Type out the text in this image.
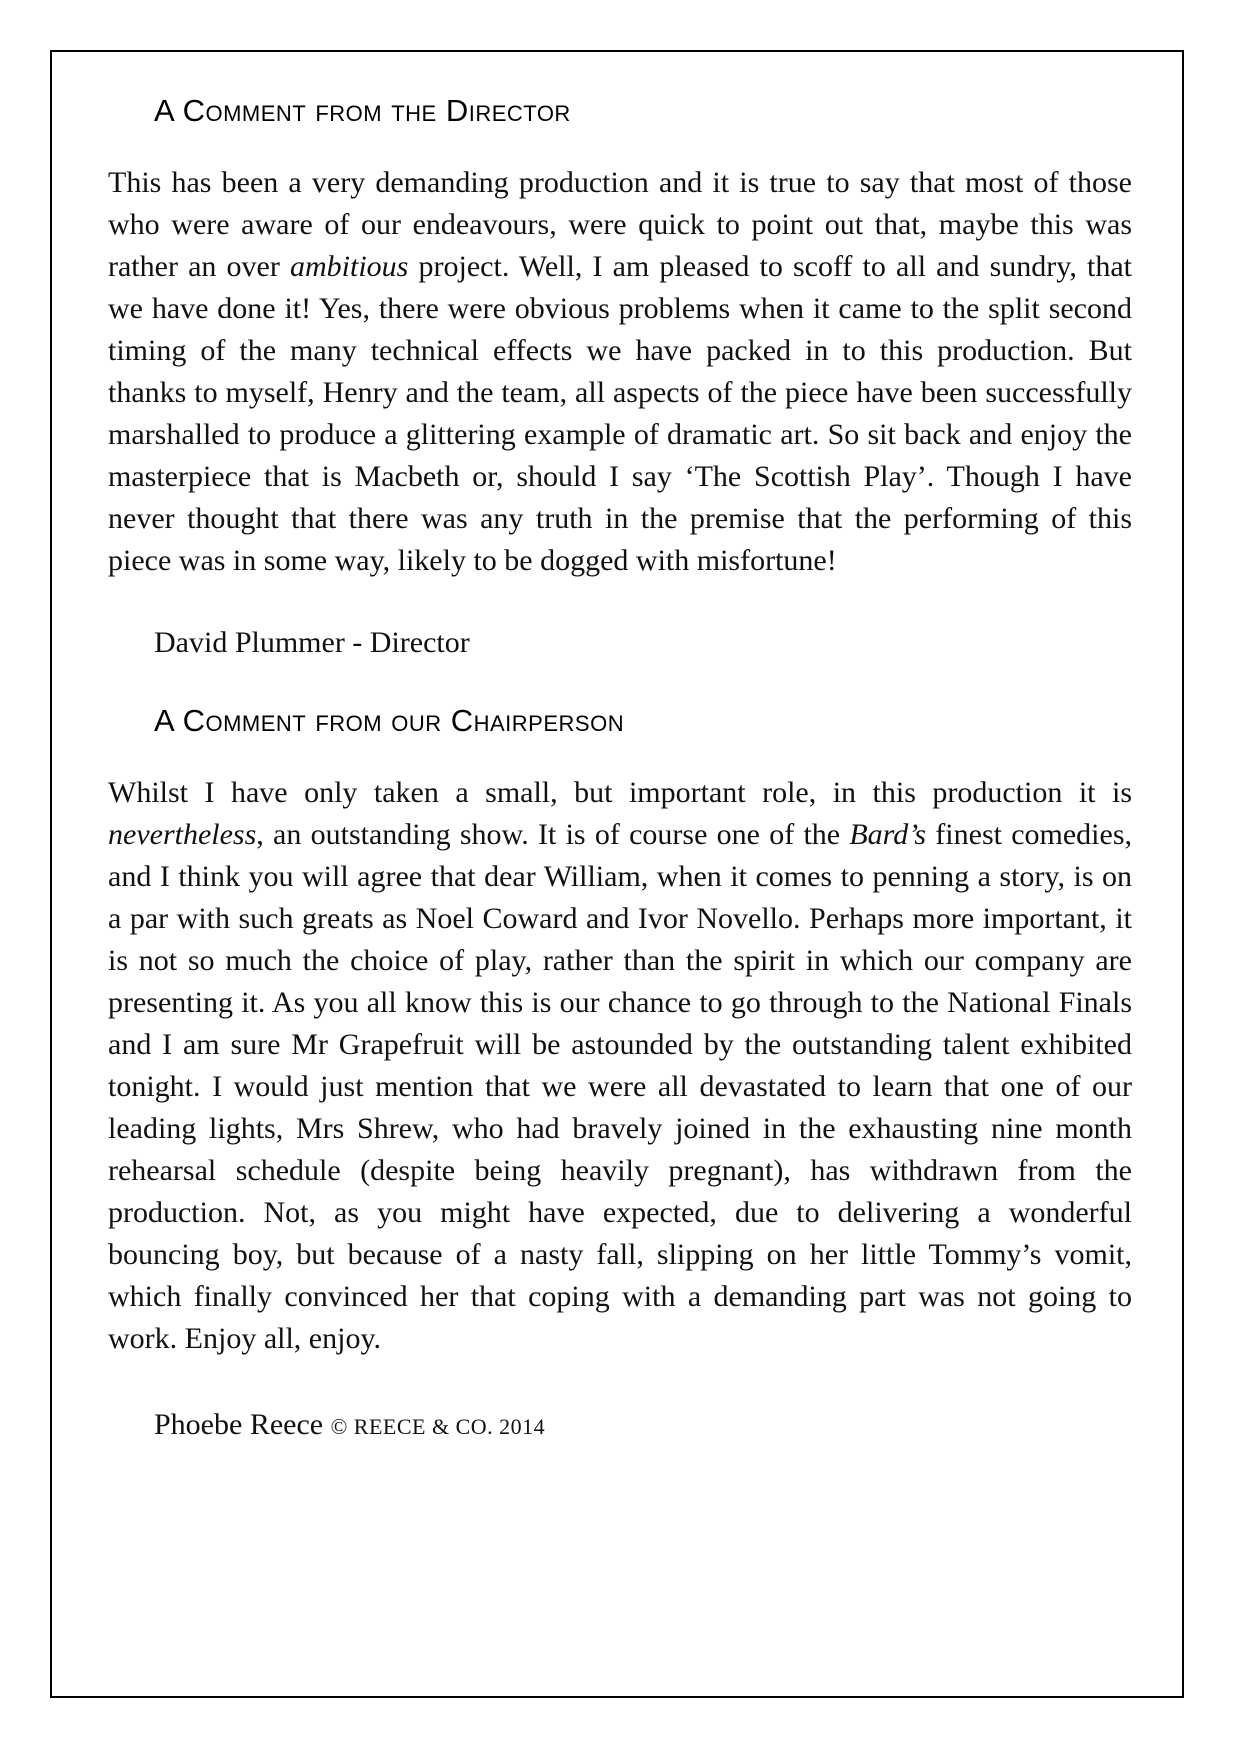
A Comment from the Director

This has been a very demanding production and it is true to say that most of those who were aware of our endeavours, were quick to point out that, maybe this was rather an over ambitious project. Well, I am pleased to scoff to all and sundry, that we have done it! Yes, there were obvious problems when it came to the split second timing of the many technical effects we have packed in to this production. But thanks to myself, Henry and the team, all aspects of the piece have been successfully marshalled to produce a glittering example of dramatic art. So sit back and enjoy the masterpiece that is Macbeth or, should I say ‘The Scottish Play’. Though I have never thought that there was any truth in the premise that the performing of this piece was in some way, likely to be dogged with misfortune!

David Plummer - Director

A Comment from our Chairperson

Whilst I have only taken a small, but important role, in this production it is nevertheless, an outstanding show. It is of course one of the Bard’s finest comedies, and I think you will agree that dear William, when it comes to penning a story, is on a par with such greats as Noel Coward and Ivor Novello. Perhaps more important, it is not so much the choice of play, rather than the spirit in which our company are presenting it. As you all know this is our chance to go through to the National Finals and I am sure Mr Grapefruit will be astounded by the outstanding talent exhibited tonight. I would just mention that we were all devastated to learn that one of our leading lights, Mrs Shrew, who had bravely joined in the exhausting nine month rehearsal schedule (despite being heavily pregnant), has withdrawn from the production. Not, as you might have expected, due to delivering a wonderful bouncing boy, but because of a nasty fall, slipping on her little Tommy’s vomit, which finally convinced her that coping with a demanding part was not going to work. Enjoy all, enjoy.

Phoebe Reece © REECE & CO. 2014
